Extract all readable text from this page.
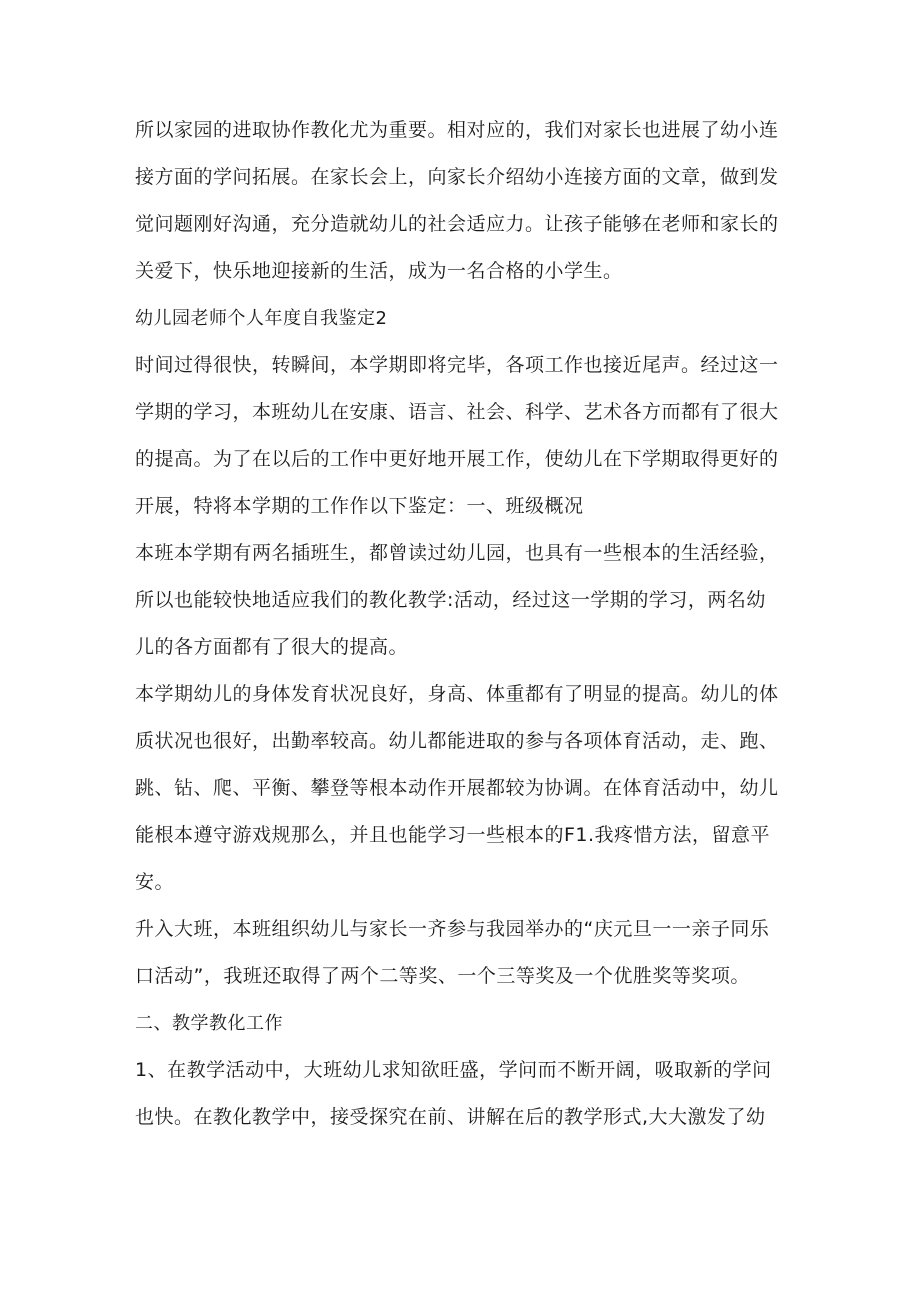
所以家园的进取协作教化尤为重要。相对应的，我们对家长也进展了幼小连
接方面的学问拓展。在家长会上，向家长介绍幼小连接方面的文章，做到发
觉问题刚好沟通，充分造就幼儿的社会适应力。让孩子能够在老师和家长的
关爱下，快乐地迎接新的生活，成为一名合格的小学生。
幼儿园老师个人年度自我鉴定2
时间过得很快，转瞬间，本学期即将完毕，各项工作也接近尾声。经过这一
学期的学习，本班幼儿在安康、语言、社会、科学、艺术各方而都有了很大
的提高。为了在以后的工作中更好地开展工作，使幼儿在下学期取得更好的
开展，特将本学期的工作作以下鉴定：一、班级概况
本班本学期有两名插班生，都曾读过幼儿园，也具有一些根本的生活经验，
所以也能较快地适应我们的教化教学:活动，经过这一学期的学习，两名幼
儿的各方面都有了很大的提高。
本学期幼儿的身体发育状况良好，身高、体重都有了明显的提高。幼儿的体
质状况也很好，出勤率较高。幼儿都能进取的参与各项体育活动，走、跑、
跳、钻、爬、平衡、攀登等根本动作开展都较为协调。在体育活动中，幼儿
能根本遵守游戏规那么，并且也能学习一些根本的F1.我疼惜方法，留意平
安。
升入大班，本班组织幼儿与家长一齐参与我园举办的“庆元旦一一亲子同乐
口活动”，我班还取得了两个二等奖、一个三等奖及一个优胜奖等奖项。
二、教学教化工作
1、在教学活动中，大班幼儿求知欲旺盛，学问而不断开阔，吸取新的学问
也快。在教化教学中，接受探究在前、讲解在后的教学形式,大大激发了幼
